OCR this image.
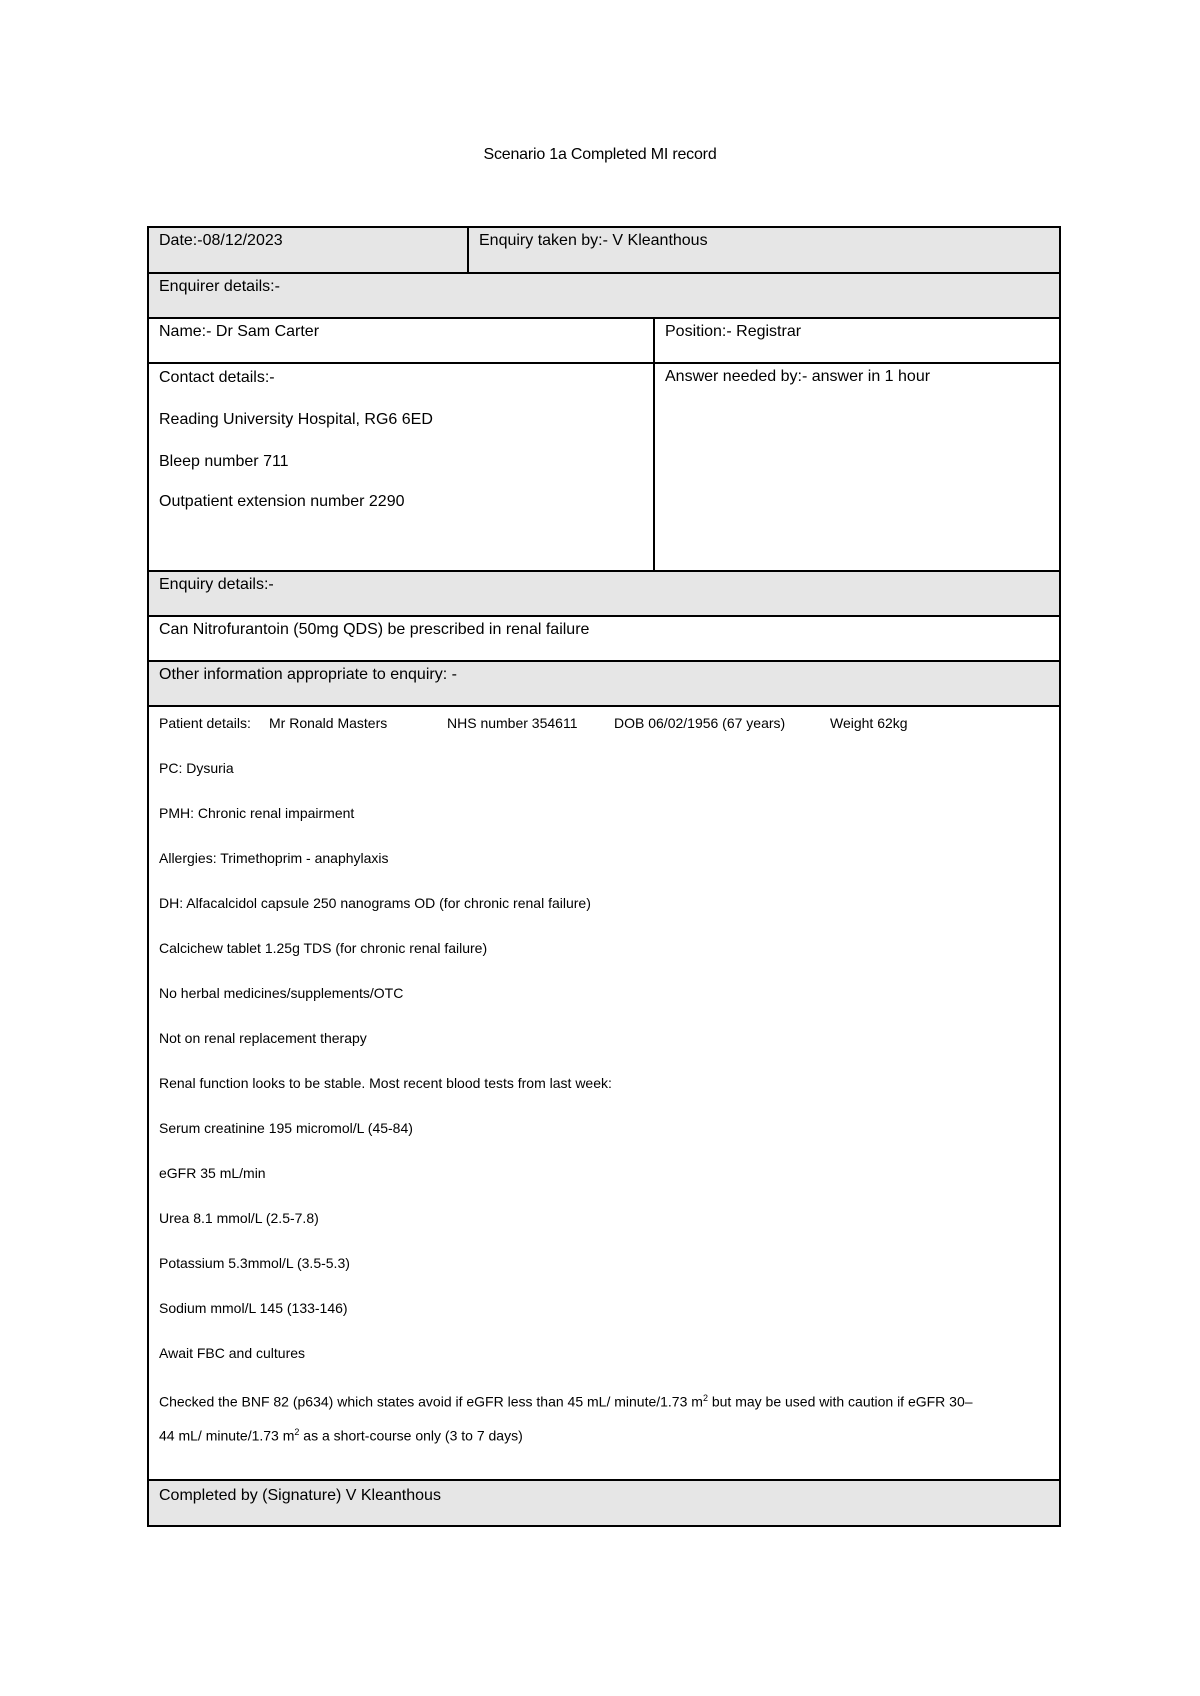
Scenario 1a Completed MI record
Date:-08/12/2023	Enquiry taken by:- V Kleanthous
Enquirer details:-
Name:- Dr Sam Carter	Position:- Registrar

Contact details:-

Reading University Hospital, RG6 6ED

Bleep number 711

Outpatient extension number 2290

Answer needed by:- answer in 1 hour
Enquiry details:-
Can Nitrofurantoin (50mg QDS) be prescribed in renal failure
Other information appropriate to enquiry: -

Patient details: Mr Ronald Masters	NHS number 354611	DOB 06/02/1956 (67 years)	Weight 62kg

PC: Dysuria

PMH: Chronic renal impairment

Allergies: Trimethoprim - anaphylaxis

DH: Alfacalcidol capsule 250 nanograms OD (for chronic renal failure)

Calcichew tablet 1.25g TDS (for chronic renal failure)

No herbal medicines/supplements/OTC

Not on renal replacement therapy

Renal function looks to be stable. Most recent blood tests from last week:

Serum creatinine 195 micromol/L (45-84)

eGFR 35 mL/min

Urea 8.1 mmol/L (2.5-7.8)

Potassium 5.3mmol/L (3.5-5.3)

Sodium mmol/L 145 (133-146)

Await FBC and cultures

Checked the BNF 82 (p634) which states avoid if eGFR less than 45 mL/ minute/1.73 $m^2$ but may be used with caution if eGFR 30–

44 mL/ minute/1.73 $m^2$ as a short-course only (3 to 7 days)

Completed by (Signature) V Kleanthous
